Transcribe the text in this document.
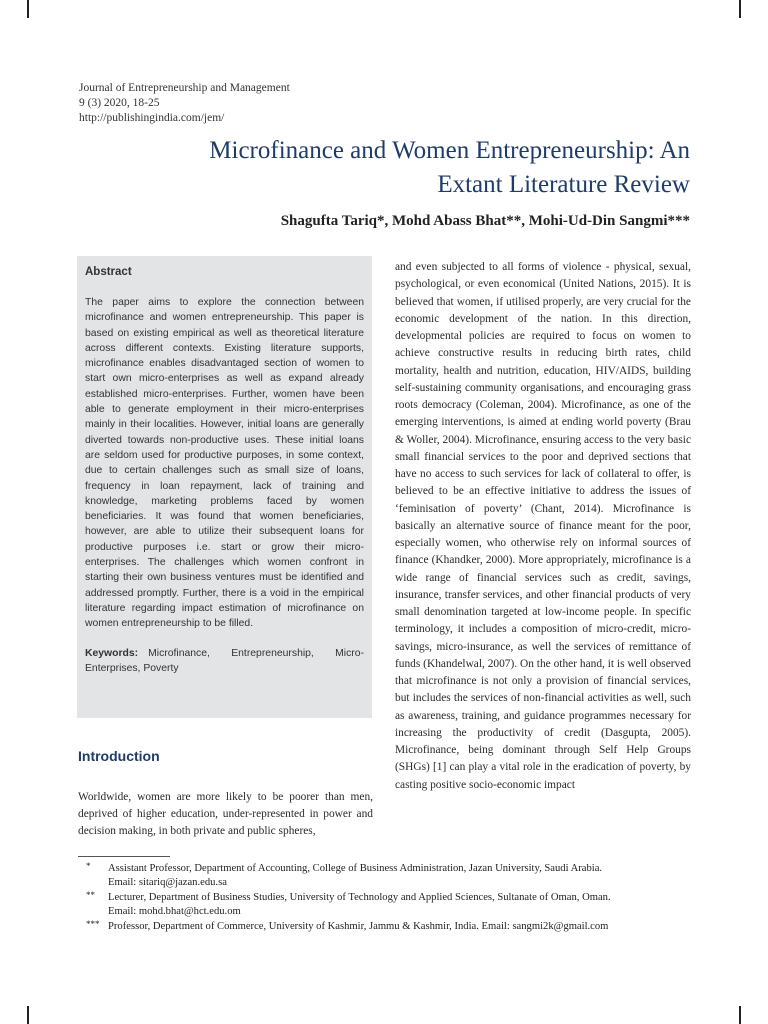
Journal of Entrepreneurship and Management
9 (3) 2020, 18-25
http://publishingindia.com/jem/
Microfinance and Women Entrepreneurship: An
Extant Literature Review
Shagufta Tariq*, Mohd Abass Bhat**, Mohi-Ud-Din Sangmi***
Abstract
The paper aims to explore the connection between microfinance and women entrepreneurship. This paper is based on existing empirical as well as theoretical literature across different contexts. Existing literature supports, microfinance enables disadvantaged section of women to start own micro-enterprises as well as expand already established micro-enterprises. Further, women have been able to generate employment in their micro-enterprises mainly in their localities. However, initial loans are generally diverted towards non-productive uses. These initial loans are seldom used for productive purposes, in some context, due to certain challenges such as small size of loans, frequency in loan repayment, lack of training and knowledge, marketing problems faced by women beneficiaries. It was found that women beneficiaries, however, are able to utilize their subsequent loans for productive purposes i.e. start or grow their micro-enterprises. The challenges which women confront in starting their own business ventures must be identified and addressed promptly. Further, there is a void in the empirical literature regarding impact estimation of microfinance on women entrepreneurship to be filled.
Keywords: Microfinance, Entrepreneurship, Micro-Enterprises, Poverty
Introduction
Worldwide, women are more likely to be poorer than men, deprived of higher education, under-represented in power and decision making, in both private and public spheres,
and even subjected to all forms of violence - physical, sexual, psychological, or even economical (United Nations, 2015). It is believed that women, if utilised properly, are very crucial for the economic development of the nation. In this direction, developmental policies are required to focus on women to achieve constructive results in reducing birth rates, child mortality, health and nutrition, education, HIV/AIDS, building self-sustaining community organisations, and encouraging grass roots democracy (Coleman, 2004). Microfinance, as one of the emerging interventions, is aimed at ending world poverty (Brau & Woller, 2004). Microfinance, ensuring access to the very basic small financial services to the poor and deprived sections that have no access to such services for lack of collateral to offer, is believed to be an effective initiative to address the issues of ‘feminisation of poverty’ (Chant, 2014). Microfinance is basically an alternative source of finance meant for the poor, especially women, who otherwise rely on informal sources of finance (Khandker, 2000). More appropriately, microfinance is a wide range of financial services such as credit, savings, insurance, transfer services, and other financial products of very small denomination targeted at low-income people. In specific terminology, it includes a composition of micro-credit, micro-savings, micro-insurance, as well the services of remittance of funds (Khandelwal, 2007). On the other hand, it is well observed that microfinance is not only a provision of financial services, but includes the services of non-financial activities as well, such as awareness, training, and guidance programmes necessary for increasing the productivity of credit (Dasgupta, 2005). Microfinance, being dominant through Self Help Groups (SHGs) [1] can play a vital role in the eradication of poverty, by casting positive socio-economic impact
* Assistant Professor, Department of Accounting, College of Business Administration, Jazan University, Saudi Arabia.
Email: sitariq@jazan.edu.sa
** Lecturer, Department of Business Studies, University of Technology and Applied Sciences, Sultanate of Oman, Oman.
Email: mohd.bhat@hct.edu.om
*** Professor, Department of Commerce, University of Kashmir, Jammu & Kashmir, India. Email: sangmi2k@gmail.com
